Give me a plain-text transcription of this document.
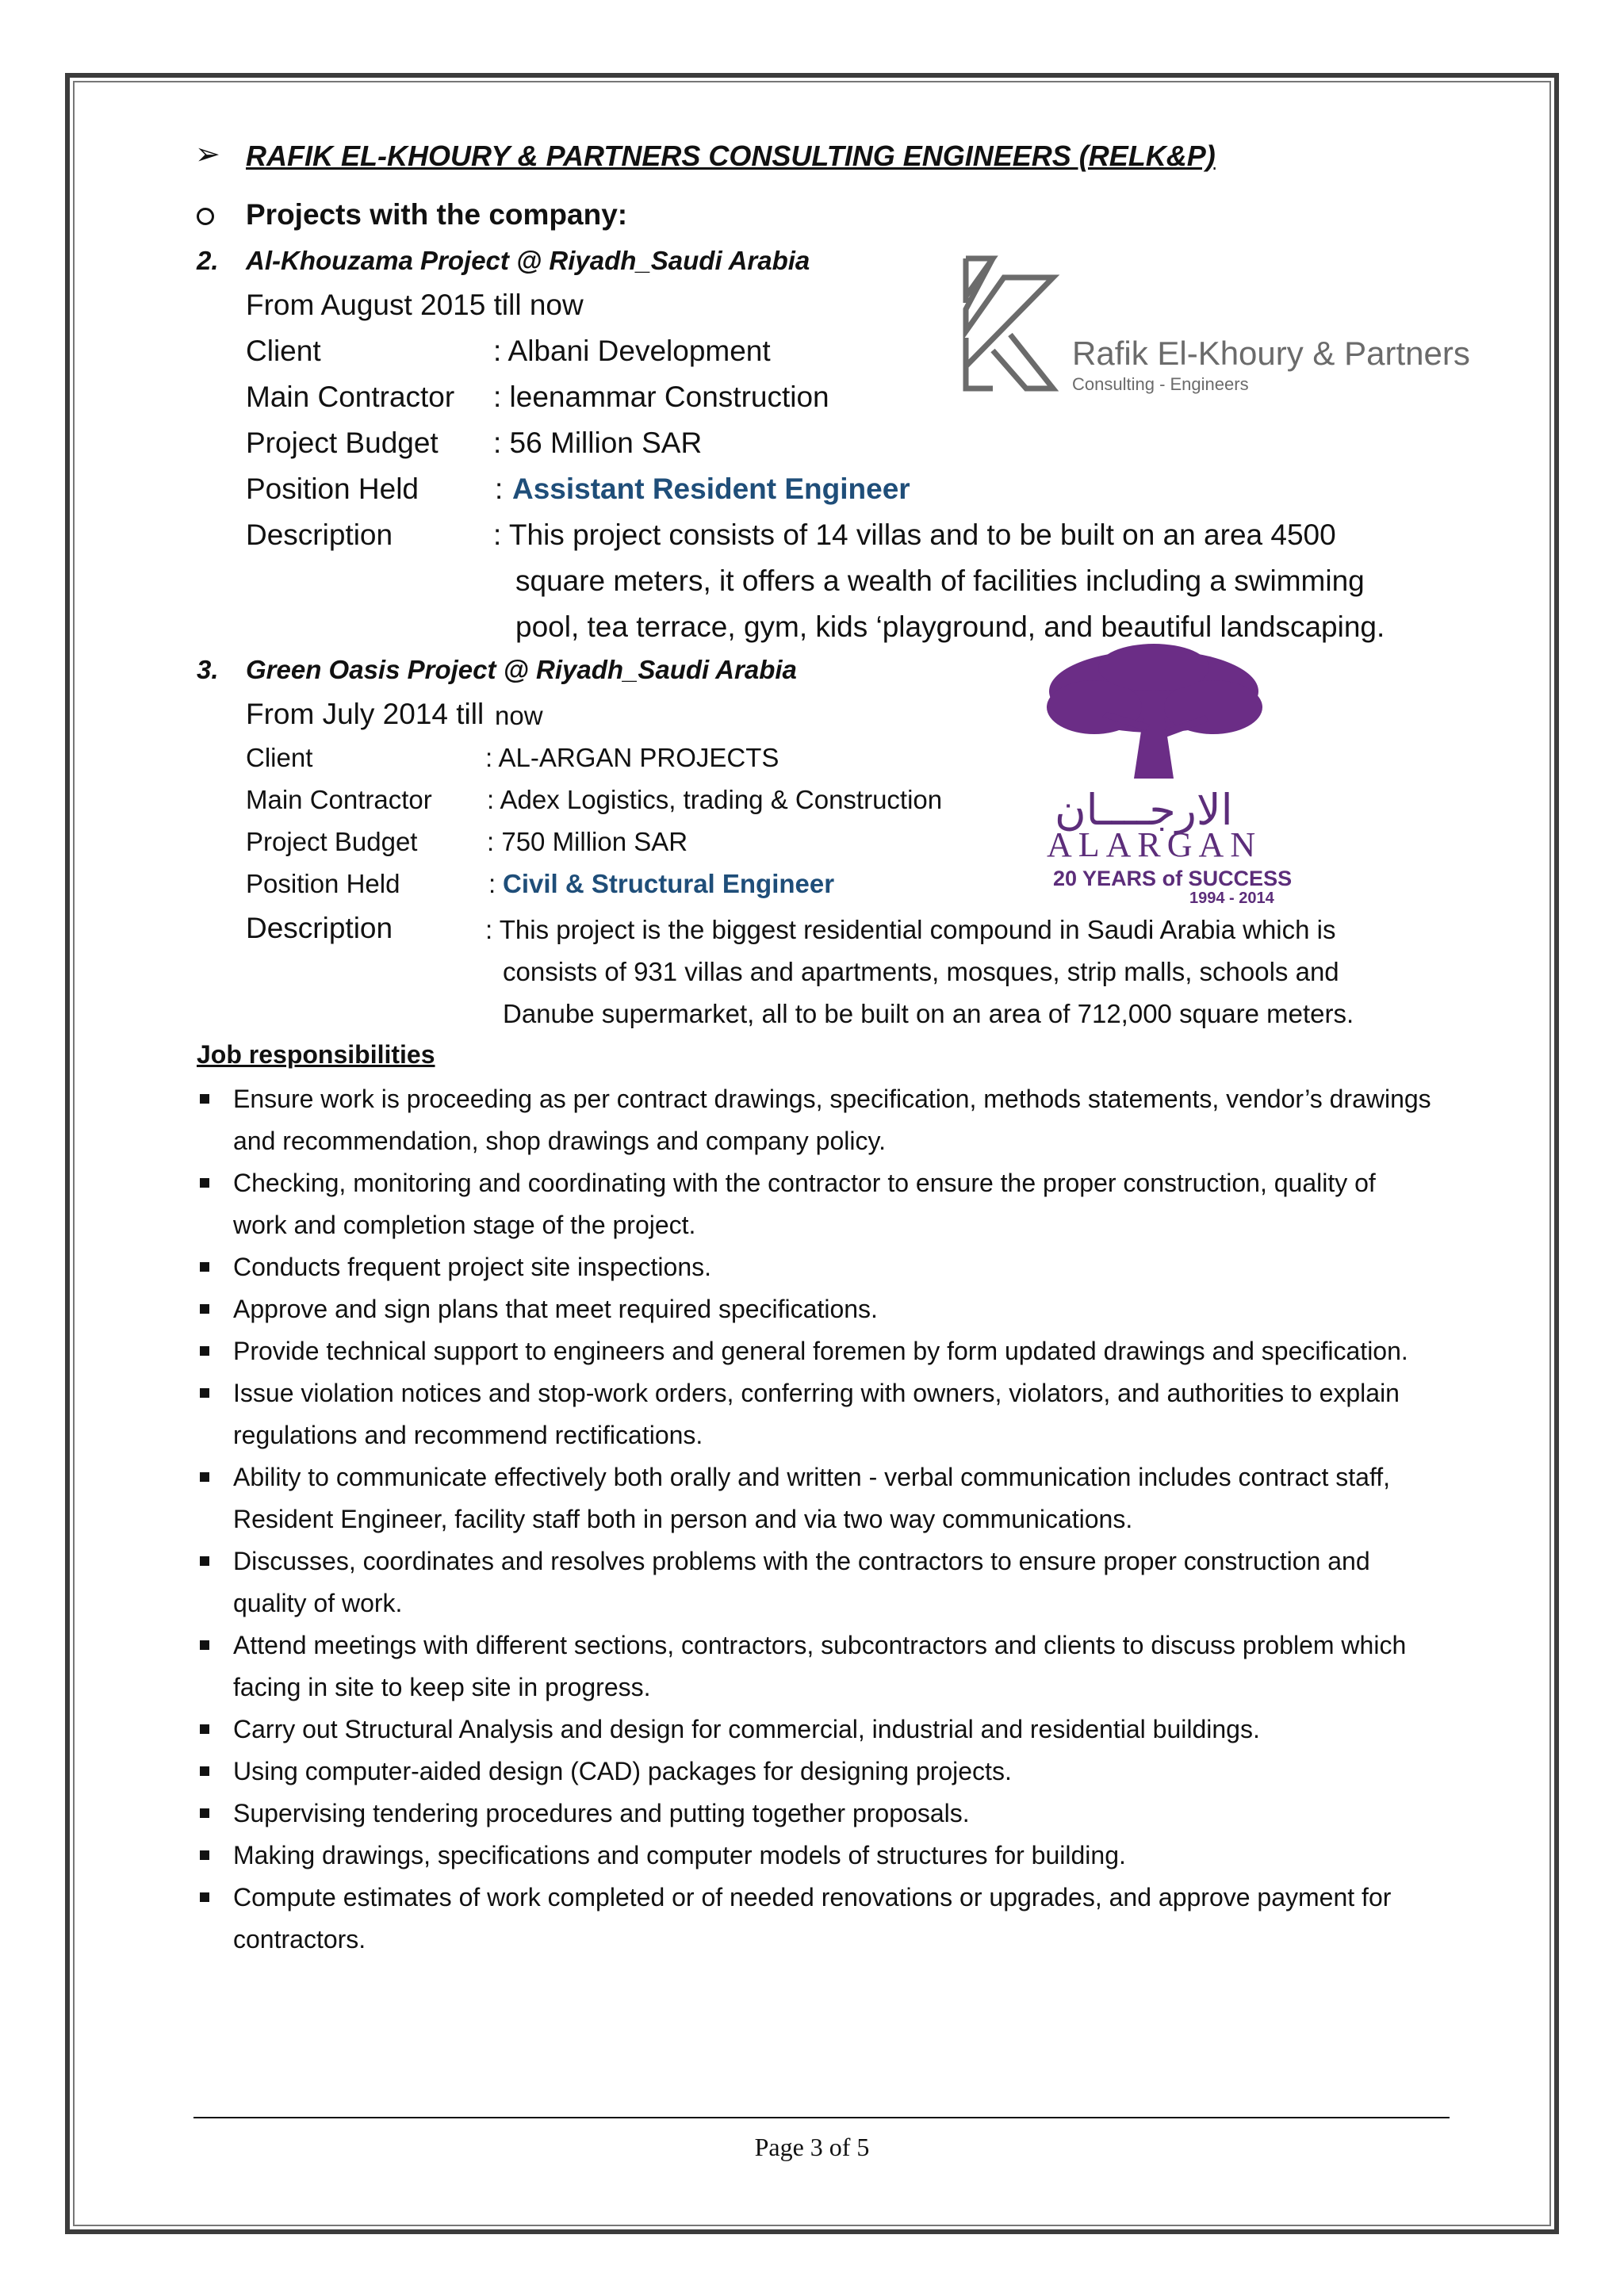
➢ RAFIK EL-KHOURY & PARTNERS CONSULTING ENGINEERS (RELK&P)
Projects with the company:
2. Al-Khouzama Project @ Riyadh_Saudi Arabia
From August 2015 till now
Client	: Albani Development
Main Contractor : leenammar Construction
Project Budget : 56 Million SAR
Position Held	: Assistant Resident Engineer
Description	: This project consists of 14 villas and to be built on an area 4500
square meters, it offers a wealth of facilities including a swimming
pool, tea terrace, gym, kids ‘playground, and beautiful landscaping.
Rafik El-Khoury & Partners
Consulting - Engineers
3. Green Oasis Project @ Riyadh_Saudi Arabia
From July 2014 till now
Client	: AL-ARGAN PROJECTS
Main Contractor : Adex Logistics, trading & Construction
Project Budget	: 750 Million SAR
Position Held	: Civil & Structural Engineer
Description	: This project is the biggest residential compound in Saudi Arabia which is
consists of 931 villas and apartments, mosques, strip malls, schools and
Danube supermarket, all to be built on an area of 712,000 square meters.
الارجــــان
ALARGAN
20 YEARS of SUCCESS
1994 - 2014
Job responsibilities
Ensure work is proceeding as per contract drawings, specification, methods statements, vendor’s drawings and recommendation, shop drawings and company policy.
Checking, monitoring and coordinating with the contractor to ensure the proper construction, quality of work and completion stage of the project.
Conducts frequent project site inspections.
Approve and sign plans that meet required specifications.
Provide technical support to engineers and general foremen by form updated drawings and specification.
Issue violation notices and stop-work orders, conferring with owners, violators, and authorities to explain regulations and recommend rectifications.
Ability to communicate effectively both orally and written - verbal communication includes contract staff, Resident Engineer, facility staff both in person and via two way communications.
Discusses, coordinates and resolves problems with the contractors to ensure proper construction and quality of work.
Attend meetings with different sections, contractors, subcontractors and clients to discuss problem which facing in site to keep site in progress.
Carry out Structural Analysis and design for commercial, industrial and residential buildings.
Using computer-aided design (CAD) packages for designing projects.
Supervising tendering procedures and putting together proposals.
Making drawings, specifications and computer models of structures for building.
Compute estimates of work completed or of needed renovations or upgrades, and approve payment for contractors.
Page 3 of 5
